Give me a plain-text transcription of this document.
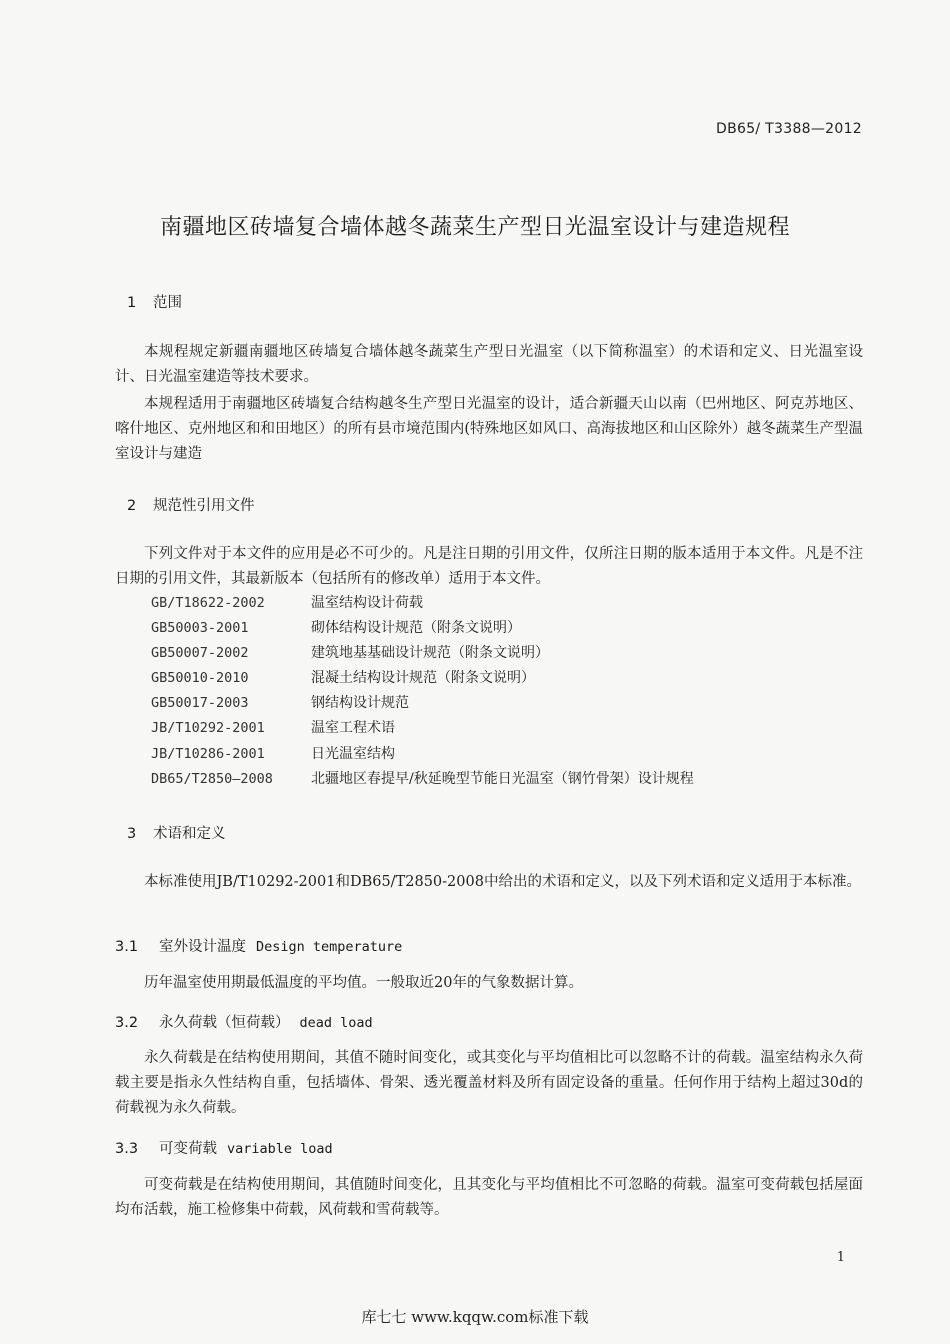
DB65/ T3388—2012
南疆地区砖墙复合墙体越冬蔬菜生产型日光温室设计与建造规程
1 范围
本规程规定新疆南疆地区砖墙复合墙体越冬蔬菜生产型日光温室（以下简称温室）的术语和定义、日光温室设计、日光温室建造等技术要求。
本规程适用于南疆地区砖墙复合结构越冬生产型日光温室的设计，适合新疆天山以南（巴州地区、阿克苏地区、喀什地区、克州地区和和田地区）的所有县市境范围内(特殊地区如风口、高海拔地区和山区除外）越冬蔬菜生产型温室设计与建造
2 规范性引用文件
下列文件对于本文件的应用是必不可少的。凡是注日期的引用文件，仅所注日期的版本适用于本文件。凡是不注日期的引用文件，其最新版本（包括所有的修改单）适用于本文件。
GB/T18622-2002	温室结构设计荷载
GB50003-2001	砌体结构设计规范（附条文说明）
GB50007-2002	建筑地基基础设计规范（附条文说明）
GB50010-2010	混凝土结构设计规范（附条文说明）
GB50017-2003	钢结构设计规范
JB/T10292-2001	温室工程术语
JB/T10286-2001	日光温室结构
DB65/T2850—2008	北疆地区春提早/秋延晚型节能日光温室（钢竹骨架）设计规程
3 术语和定义
本标准使用JB/T10292-2001和DB65/T2850-2008中给出的术语和定义，以及下列术语和定义适用于本标准。
3.1 室外设计温度 Design temperature
历年温室使用期最低温度的平均值。一般取近20年的气象数据计算。
3.2 永久荷载（恒荷载） dead load
永久荷载是在结构使用期间，其值不随时间变化，或其变化与平均值相比可以忽略不计的荷载。温室结构永久荷载主要是指永久性结构自重，包括墙体、骨架、透光覆盖材料及所有固定设备的重量。任何作用于结构上超过30d的荷载视为永久荷载。
3.3 可变荷载 variable load
可变荷载是在结构使用期间，其值随时间变化，且其变化与平均值相比不可忽略的荷载。温室可变荷载包括屋面均布活载，施工检修集中荷载，风荷载和雪荷载等。
1
库七七 www.kqqw.com标准下载
